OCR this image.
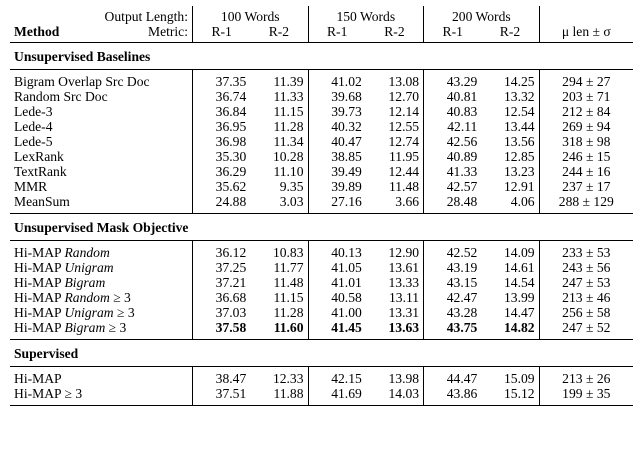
Output Length:	100 Words		150 Words		200 Words		
Method Metric:	R-1	R-2	R-1	R-2	R-1	R-2	μ len ± σ
Unsupervised Baselines							
Bigram Overlap Src Doc	37.35	11.39	41.02	13.08	43.29	14.25	294 ± 27
Random Src Doc	36.74	11.33	39.68	12.70	40.81	13.32	203 ± 71
Lede-3	36.84	11.15	39.73	12.14	40.83	12.54	212 ± 84
Lede-4	36.95	11.28	40.32	12.55	42.11	13.44	269 ± 94
Lede-5	36.98	11.34	40.47	12.74	42.56	13.56	318 ± 98
LexRank	35.30	10.28	38.85	11.95	40.89	12.85	246 ± 15
TextRank	36.29	11.10	39.49	12.44	41.33	13.23	244 ± 16
MMR	35.62	9.35	39.89	11.48	42.57	12.91	237 ± 17
MeanSum	24.88	3.03	27.16	3.66	28.48	4.06	288 ± 129
Unsupervised Mask Objective							
Hi-MAP Random	36.12	10.83	40.13	12.90	42.52	14.09	233 ± 53
Hi-MAP Unigram	37.25	11.77	41.05	13.61	43.19	14.61	243 ± 56
Hi-MAP Bigram	37.21	11.48	41.01	13.33	43.15	14.54	247 ± 53
Hi-MAP Random ≥ 3	36.68	11.15	40.58	13.11	42.47	13.99	213 ± 46
Hi-MAP Unigram ≥ 3	37.03	11.28	41.00	13.31	43.28	14.47	256 ± 58
Hi-MAP Bigram ≥ 3	37.58	11.60	41.45	13.63	43.75	14.82	247 ± 52
Supervised							
Hi-MAP	38.47	12.33	42.15	13.98	44.47	15.09	213 ± 26
Hi-MAP ≥ 3	37.51	11.88	41.69	14.03	43.86	15.12	199 ± 35
